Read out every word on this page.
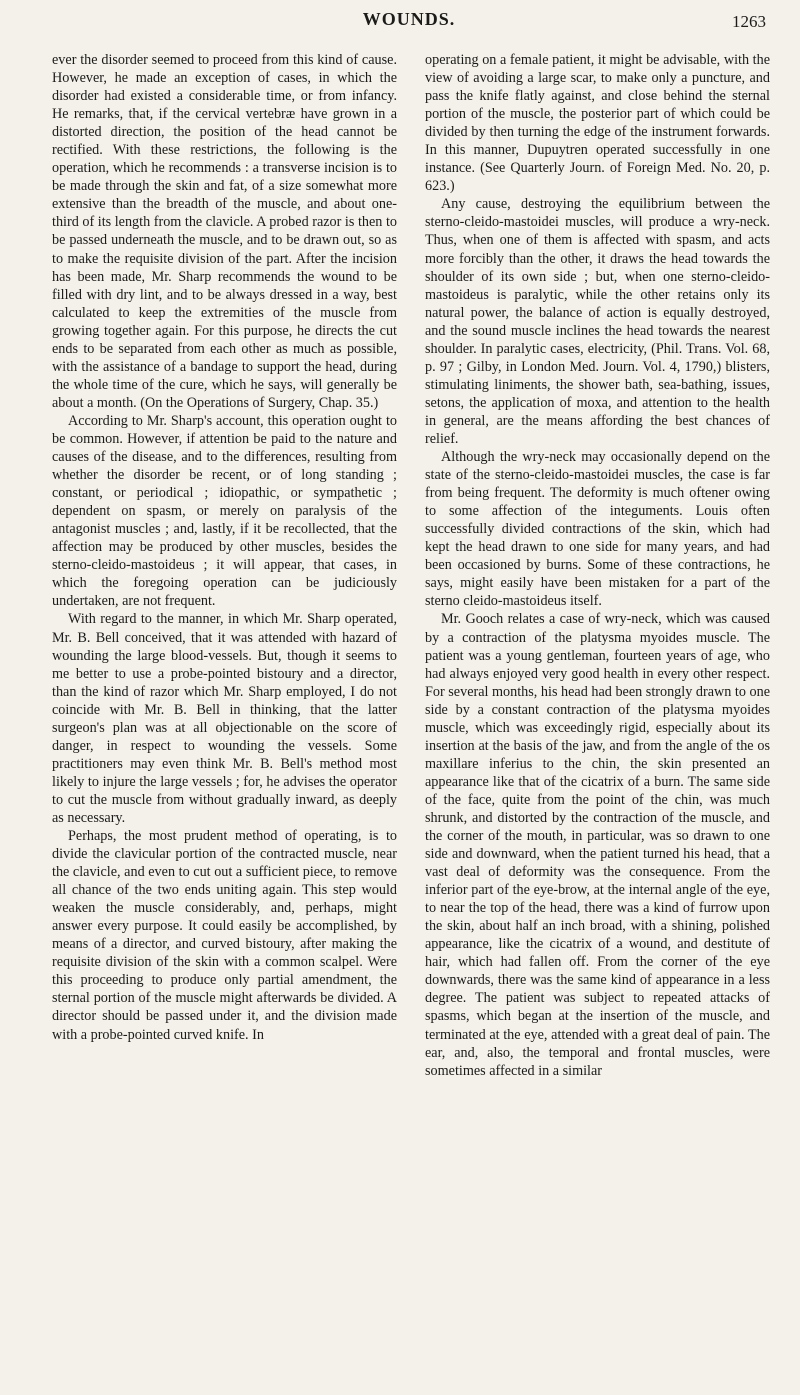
WOUNDS.	1263

ever the disorder seemed to proceed from this kind of cause. However, he made an exception of cases, in which the disorder had existed a considerable time, or from infancy. He remarks, that, if the cervical vertebræ have grown in a distorted direction, the position of the head cannot be rectified. With these restrictions, the following is the operation, which he recommends : a transverse incision is to be made through the skin and fat, of a size somewhat more extensive than the breadth of the muscle, and about one-third of its length from the clavicle. A probed razor is then to be passed underneath the muscle, and to be drawn out, so as to make the requisite division of the part. After the incision has been made, Mr. Sharp recommends the wound to be filled with dry lint, and to be always dressed in a way, best calculated to keep the extremities of the muscle from growing together again. For this purpose, he directs the cut ends to be separated from each other as much as possible, with the assistance of a bandage to support the head, during the whole time of the cure, which he says, will generally be about a month. (On the Operations of Surgery, Chap. 35.)

According to Mr. Sharp's account, this operation ought to be common. However, if attention be paid to the nature and causes of the disease, and to the differences, resulting from whether the disorder be recent, or of long standing ; constant, or periodical ; idiopathic, or sympathetic ; dependent on spasm, or merely on paralysis of the antagonist muscles ; and, lastly, if it be recollected, that the affection may be produced by other muscles, besides the sterno-cleido-mastoideus ; it will appear, that cases, in which the foregoing operation can be judiciously undertaken, are not frequent.

With regard to the manner, in which Mr. Sharp operated, Mr. B. Bell conceived, that it was attended with hazard of wounding the large blood-vessels. But, though it seems to me better to use a probe-pointed bistoury and a director, than the kind of razor which Mr. Sharp employed, I do not coincide with Mr. B. Bell in thinking, that the latter surgeon's plan was at all objectionable on the score of danger, in respect to wounding the vessels. Some practitioners may even think Mr. B. Bell's method most likely to injure the large vessels ; for, he advises the operator to cut the muscle from without gradually inward, as deeply as necessary.

Perhaps, the most prudent method of operating, is to divide the clavicular portion of the contracted muscle, near the clavicle, and even to cut out a sufficient piece, to remove all chance of the two ends uniting again. This step would weaken the muscle considerably, and, perhaps, might answer every purpose. It could easily be accomplished, by means of a director, and curved bistoury, after making the requisite division of the skin with a common scalpel. Were this proceeding to produce only partial amendment, the sternal portion of the muscle might afterwards be divided. A director should be passed under it, and the division made with a probe-pointed curved knife. In

operating on a female patient, it might be advisable, with the view of avoiding a large scar, to make only a puncture, and pass the knife flatly against, and close behind the sternal portion of the muscle, the posterior part of which could be divided by then turning the edge of the instrument forwards. In this manner, Dupuytren operated successfully in one instance. (See Quarterly Journ. of Foreign Med. No. 20, p. 623.)

Any cause, destroying the equilibrium between the sterno-cleido-mastoidei muscles, will produce a wry-neck. Thus, when one of them is affected with spasm, and acts more forcibly than the other, it draws the head towards the shoulder of its own side ; but, when one sterno-cleido-mastoideus is paralytic, while the other retains only its natural power, the balance of action is equally destroyed, and the sound muscle inclines the head towards the nearest shoulder. In paralytic cases, electricity, (Phil. Trans. Vol. 68, p. 97 ; Gilby, in London Med. Journ. Vol. 4, 1790,) blisters, stimulating liniments, the shower bath, sea-bathing, issues, setons, the application of moxa, and attention to the health in general, are the means affording the best chances of relief.

Although the wry-neck may occasionally depend on the state of the sterno-cleido-mastoidei muscles, the case is far from being frequent. The deformity is much oftener owing to some affection of the integuments. Louis often successfully divided contractions of the skin, which had kept the head drawn to one side for many years, and had been occasioned by burns. Some of these contractions, he says, might easily have been mistaken for a part of the sterno cleido-mastoideus itself.

Mr. Gooch relates a case of wry-neck, which was caused by a contraction of the platysma myoides muscle. The patient was a young gentleman, fourteen years of age, who had always enjoyed very good health in every other respect. For several months, his head had been strongly drawn to one side by a constant contraction of the platysma myoides muscle, which was exceedingly rigid, especially about its insertion at the basis of the jaw, and from the angle of the os maxillare inferius to the chin, the skin presented an appearance like that of the cicatrix of a burn. The same side of the face, quite from the point of the chin, was much shrunk, and distorted by the contraction of the muscle, and the corner of the mouth, in particular, was so drawn to one side and downward, when the patient turned his head, that a vast deal of deformity was the consequence. From the inferior part of the eye-brow, at the internal angle of the eye, to near the top of the head, there was a kind of furrow upon the skin, about half an inch broad, with a shining, polished appearance, like the cicatrix of a wound, and destitute of hair, which had fallen off. From the corner of the eye downwards, there was the same kind of appearance in a less degree. The patient was subject to repeated attacks of spasms, which began at the insertion of the muscle, and terminated at the eye, attended with a great deal of pain. The ear, and, also, the temporal and frontal muscles, were sometimes affected in a similar
